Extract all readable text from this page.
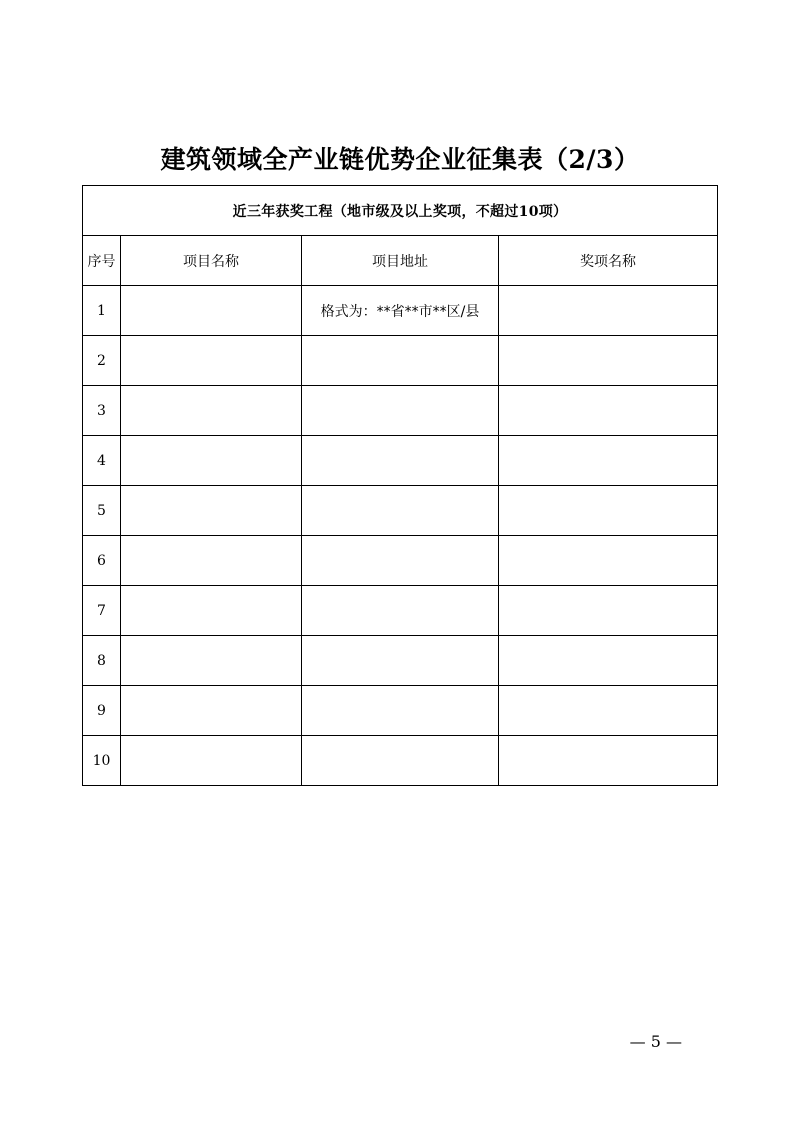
建筑领域全产业链优势企业征集表（2/3）
近三年获奖工程（地市级及以上奖项，不超过10项）			
序号	项目名称	项目地址	奖项名称
1		格式为：**省**市**区/县	
2			
3			
4			
5			
6			
7			
8			
9			
10			
— 5 —
